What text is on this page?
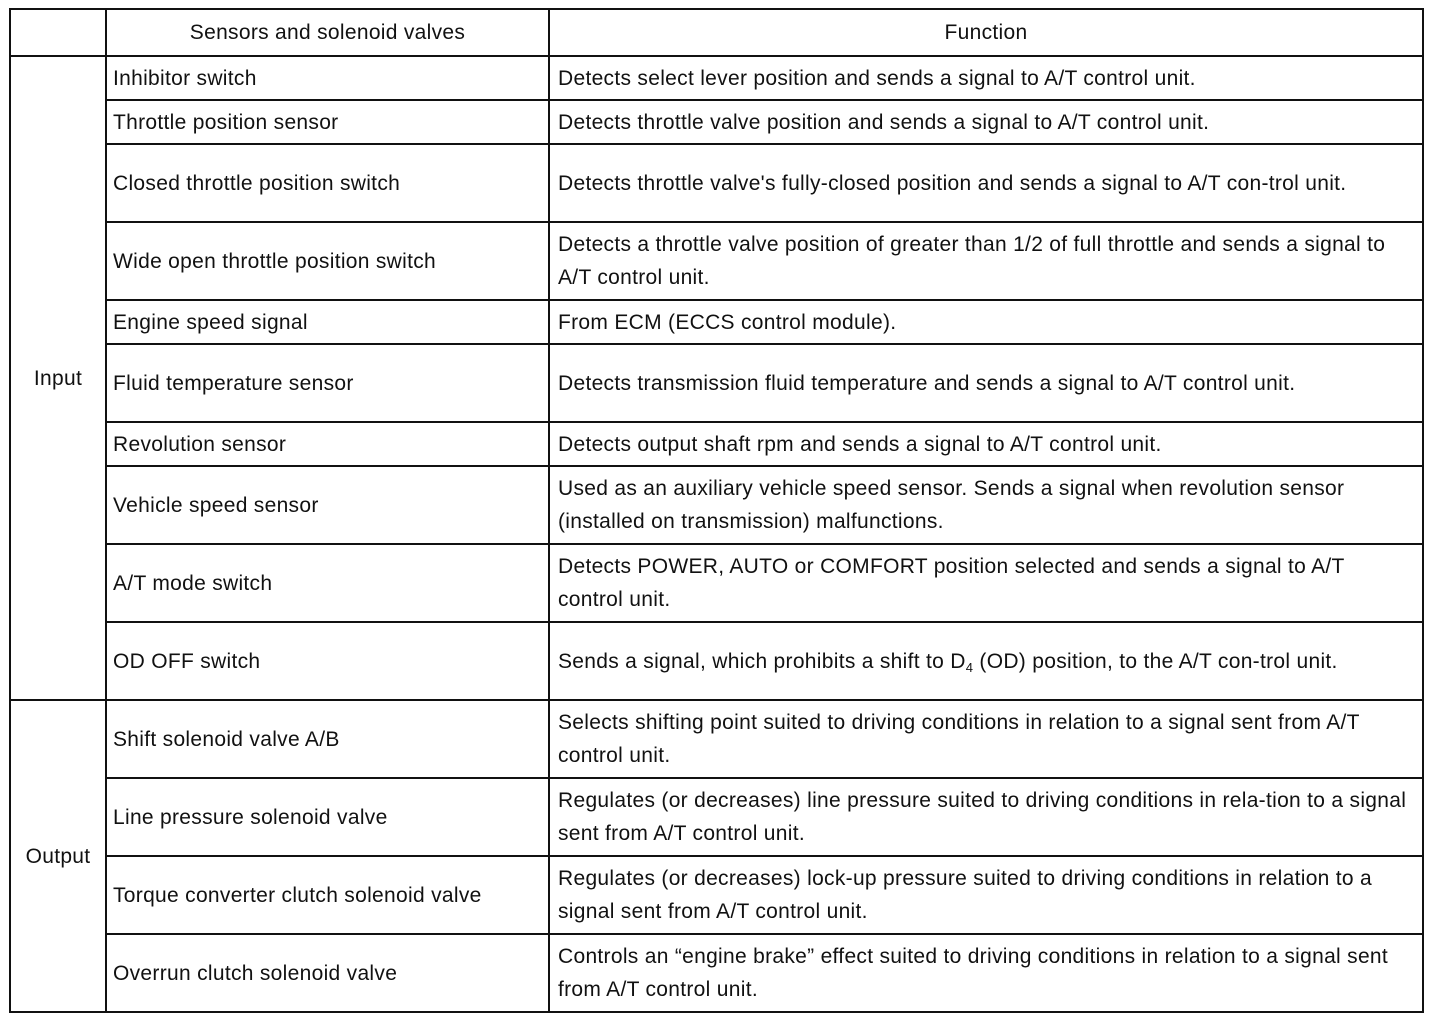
	Sensors and solenoid valves	Function
Input	Inhibitor switch	Detects select lever position and sends a signal to A/T control unit.
	Throttle position sensor	Detects throttle valve position and sends a signal to A/T control unit.
	Closed throttle position switch	Detects throttle valve's fully-closed position and sends a signal to A/T con-trol unit.
	Wide open throttle position switch	Detects a throttle valve position of greater than 1/2 of full throttle and sends a signal to A/T control unit.
	Engine speed signal	From ECM (ECCS control module).
	Fluid temperature sensor	Detects transmission fluid temperature and sends a signal to A/T control unit.
	Revolution sensor	Detects output shaft rpm and sends a signal to A/T control unit.
	Vehicle speed sensor	Used as an auxiliary vehicle speed sensor. Sends a signal when revolution sensor (installed on transmission) malfunctions.
	A/T mode switch	Detects POWER, AUTO or COMFORT position selected and sends a signal to A/T control unit.
	OD OFF switch	Sends a signal, which prohibits a shift to $D_4$ (OD) position, to the A/T con-trol unit.
Output	Shift solenoid valve A/B	Selects shifting point suited to driving conditions in relation to a signal sent from A/T control unit.
	Line pressure solenoid valve	Regulates (or decreases) line pressure suited to driving conditions in rela-tion to a signal sent from A/T control unit.
	Torque converter clutch solenoid valve	Regulates (or decreases) lock-up pressure suited to driving conditions in relation to a signal sent from A/T control unit.
	Overrun clutch solenoid valve	Controls an “engine brake” effect suited to driving conditions in relation to a signal sent from A/T control unit.
